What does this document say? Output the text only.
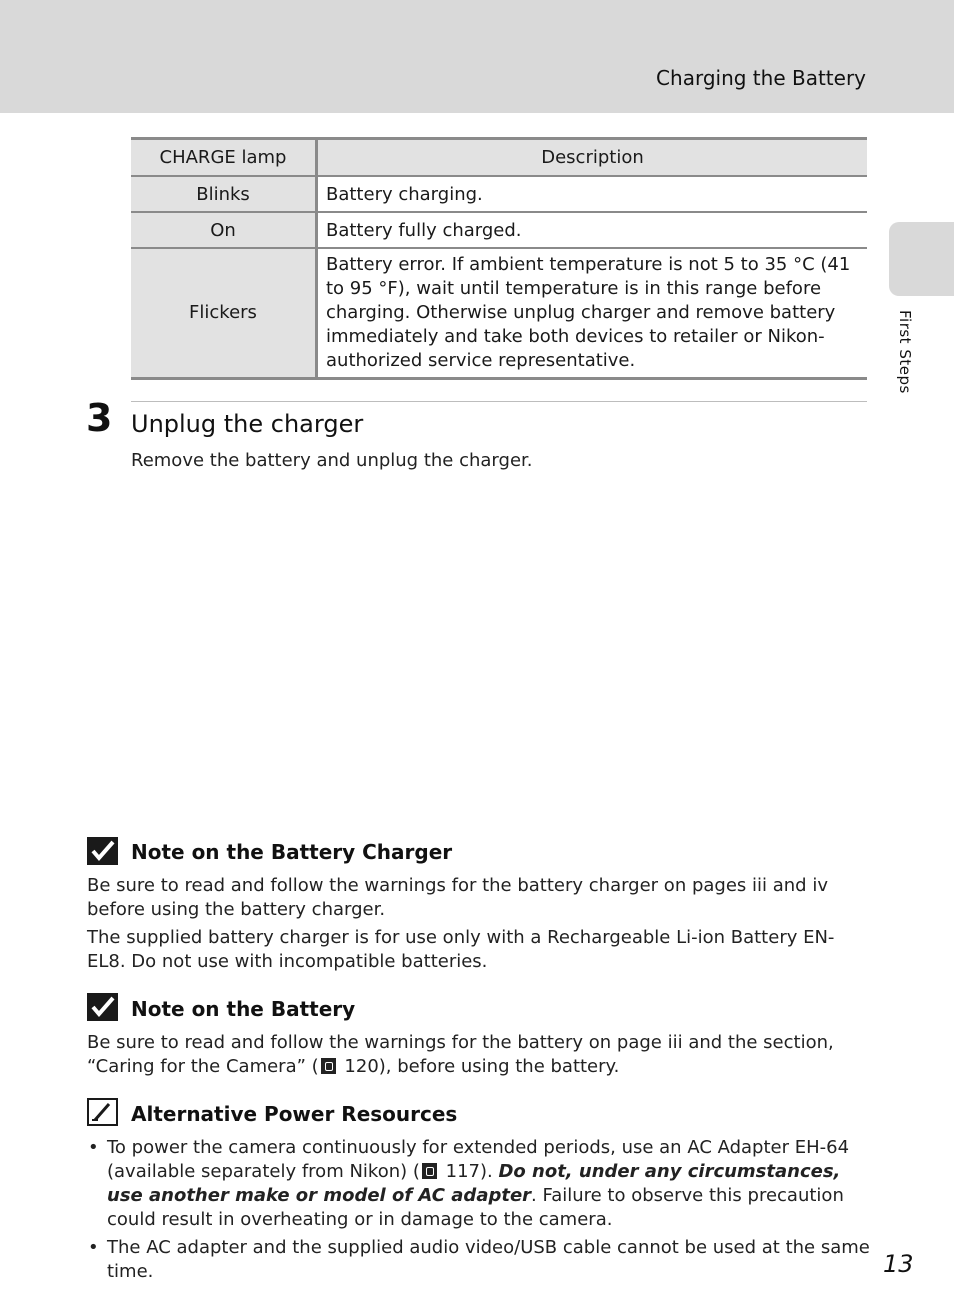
Charging the Battery
First Steps
CHARGE lamp	Description
Blinks	Battery charging.
On	Battery fully charged.
Flickers	Battery error. If ambient temperature is not 5 to 35 °C (41 to 95 °F), wait until temperature is in this range before charging. Otherwise unplug charger and remove battery immediately and take both devices to retailer or Nikon-authorized service representative.
3 Unplug the charger
Remove the battery and unplug the charger.
Note on the Battery Charger

Be sure to read and follow the warnings for the battery charger on pages iii and iv before using the battery charger.

The supplied battery charger is for use only with a Rechargeable Li-ion Battery EN-EL8. Do not use with incompatible batteries.

Note on the Battery

Be sure to read and follow the warnings for the battery on page iii and the section, “Caring for the Camera” ( 120), before using the battery.

Alternative Power Resources
• To power the camera continuously for extended periods, use an AC Adapter EH-64 (available separately from Nikon) ( 117). Do not, under any circumstances, use another make or model of AC adapter. Failure to observe this precaution could result in overheating or in damage to the camera.
• The AC adapter and the supplied audio video/USB cable cannot be used at the same time.	13
